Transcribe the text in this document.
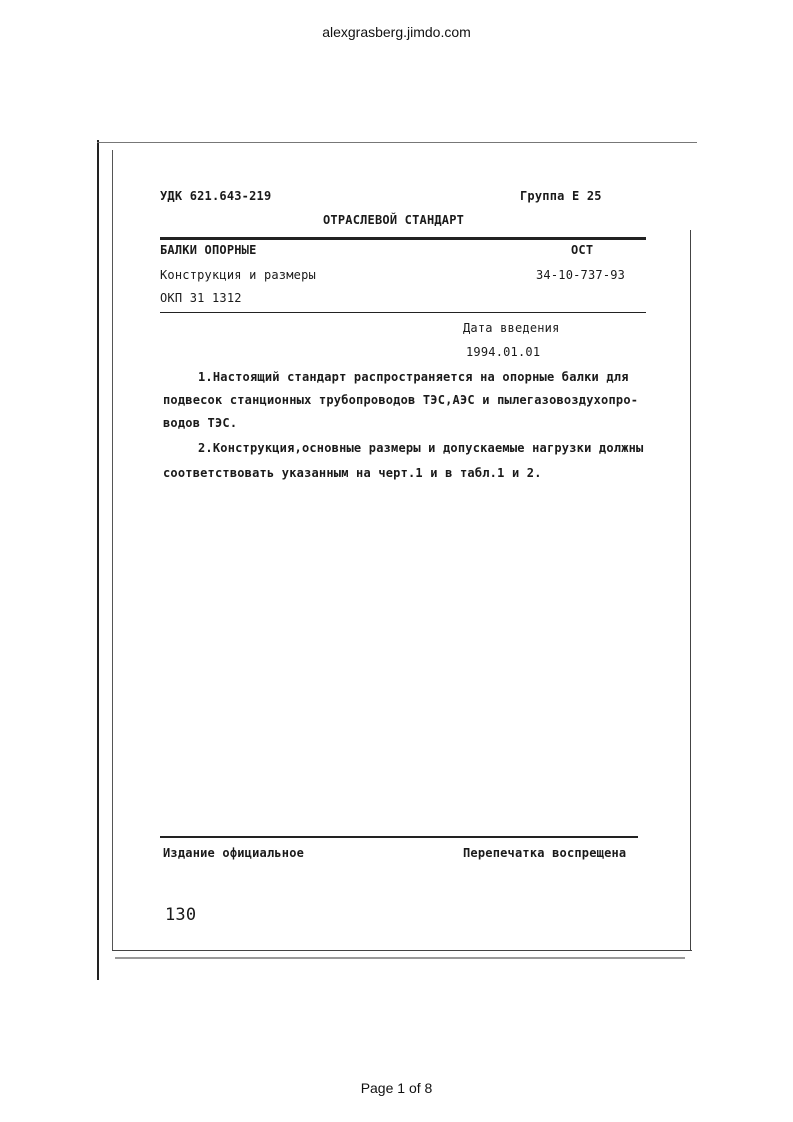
alexgrasberg.jimdo.com
УДК 621.643-219	Группа Е 25
ОТРАСЛЕВОЙ СТАНДАРТ
БАЛКИ ОПОРНЫЕ	ОСТ
Конструкция и размеры	34-10-737-93
ОКП 31 1312
Дата введения
1994.01.01
1.Настоящий стандарт распространяется на опорные балки для
подвесок станционных трубопроводов ТЭС,АЭС и пылегазовоздухопро-
водов ТЭС.
2.Конструкция,основные размеры и допускаемые нагрузки должны
соответствовать указанным на черт.1 и в табл.1 и 2.
Издание официальное	Перепечатка воспрещена
130
Page 1 of 8
